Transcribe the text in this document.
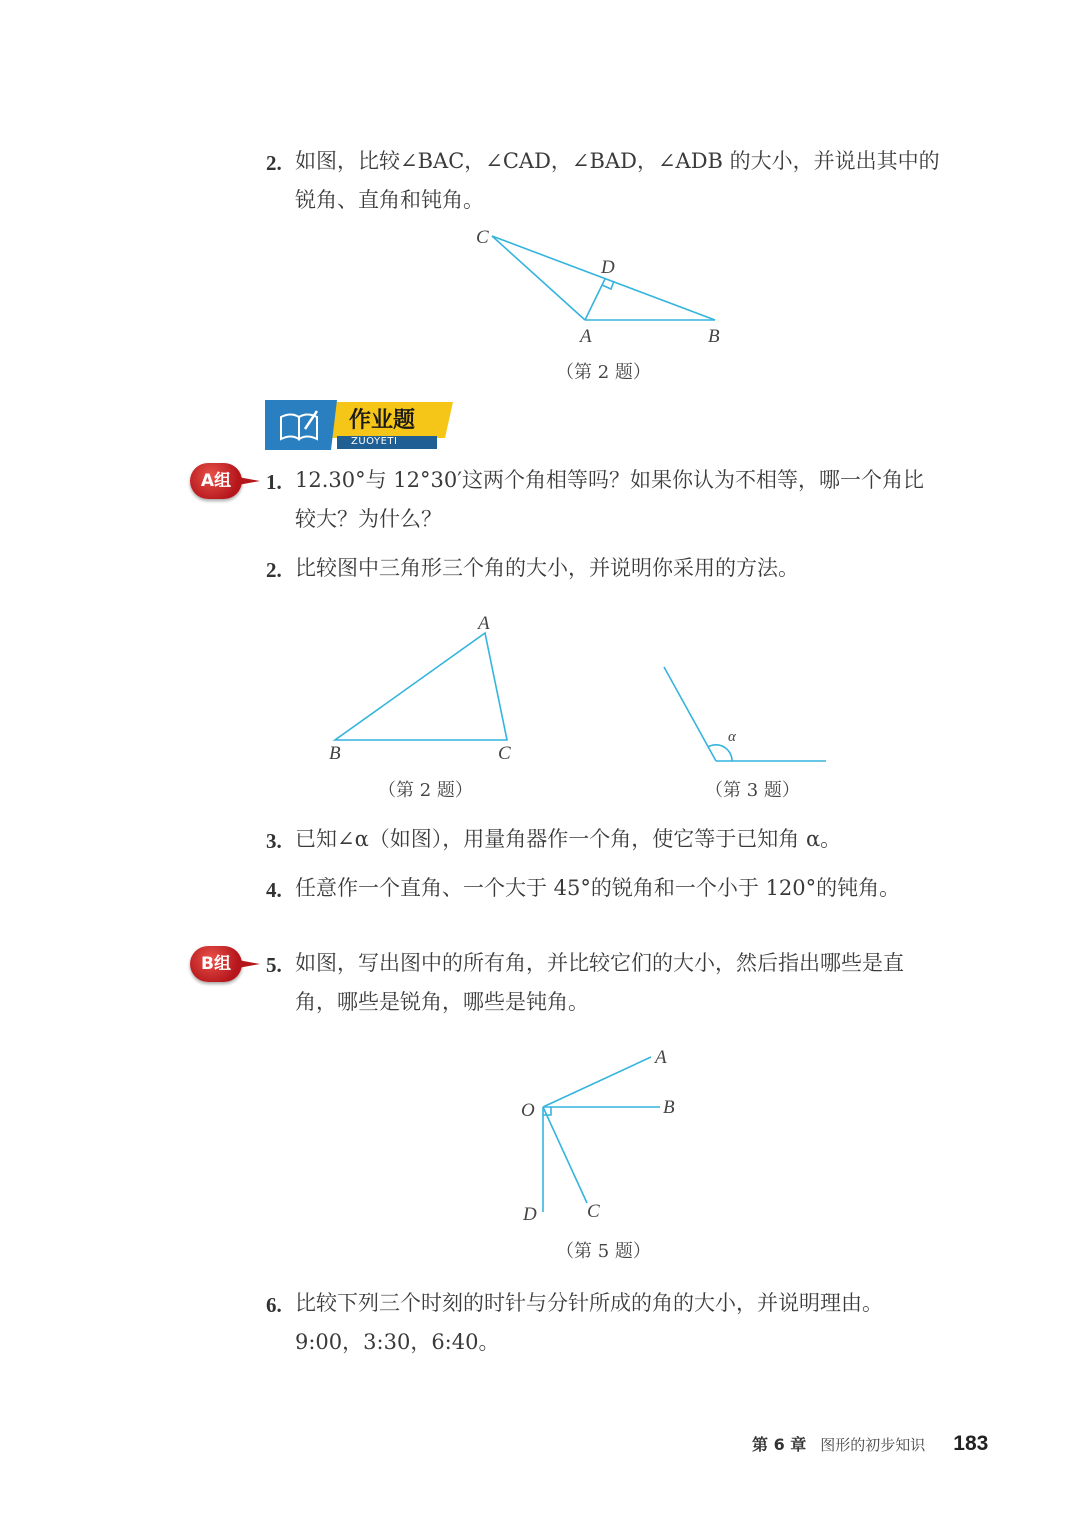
2. 如图，比较∠BAC，∠CAD，∠BAD，∠ADB 的大小，并说出其中的
锐角、直角和钝角。
C
D
A	B
（第 2 题）
作业题
ZUOYETI
A组	1. 12.30°与 12°30′这两个角相等吗？如果你认为不相等，哪一个角比
较大？为什么？
2. 比较图中三角形三个角的大小，并说明你采用的方法。
A
B	C
（第 2 题）
α
（第 3 题）
3. 已知∠α（如图），用量角器作一个角，使它等于已知角 α。
4. 任意作一个直角、一个大于 45°的锐角和一个小于 120°的钝角。
B组	5. 如图，写出图中的所有角，并比较它们的大小，然后指出哪些是直
角，哪些是锐角，哪些是钝角。
O
A
B
C
D
（第 5 题）
6. 比较下列三个时刻的时针与分针所成的角的大小，并说明理由。
9:00，3:30，6:40。
第 6 章 图形的初步知识 183
